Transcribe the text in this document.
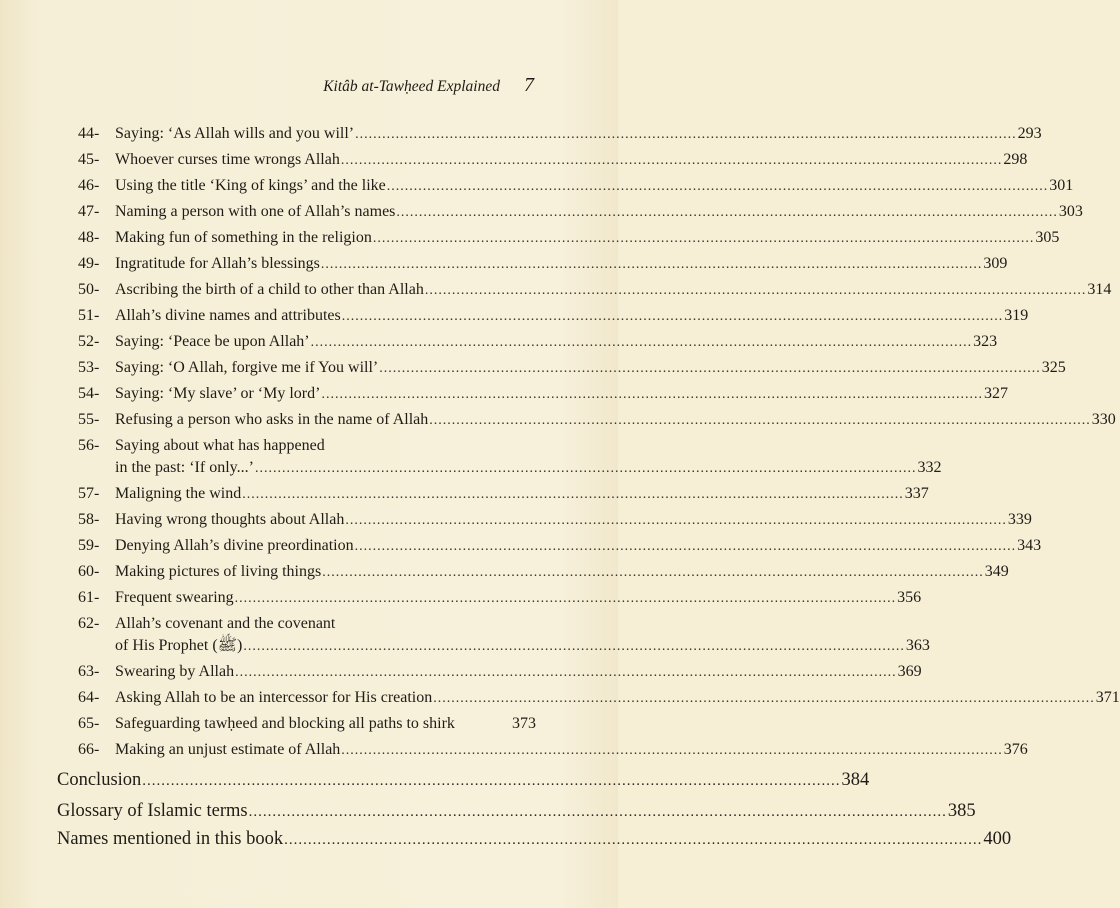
Kitâb at-Tawḥeed Explained 7
44- Saying: ‘As Allah wills and you will’ ................................................................................................................................................... 293
45- Whoever curses time wrongs Allah ................................................................................................................................................... 298
46- Using the title ‘King of kings’ and the like ................................................................................................................................................... 301
47- Naming a person with one of Allah’s names ................................................................................................................................................... 303
48- Making fun of something in the religion ................................................................................................................................................... 305
49- Ingratitude for Allah’s blessings ................................................................................................................................................... 309
50- Ascribing the birth of a child to other than Allah ................................................................................................................................................... 314
51- Allah’s divine names and attributes ................................................................................................................................................... 319
52- Saying: ‘Peace be upon Allah’ ................................................................................................................................................... 323
53- Saying: ‘O Allah, forgive me if You will’ ................................................................................................................................................... 325
54- Saying: ‘My slave’ or ‘My lord’ ................................................................................................................................................... 327
55- Refusing a person who asks in the name of Allah ................................................................................................................................................... 330
Saying about what has happened
56-
in the past: ‘If only...’ ................................................................................................................................................... 332
57- Maligning the wind ................................................................................................................................................... 337
58- Having wrong thoughts about Allah ................................................................................................................................................... 339
59- Denying Allah’s divine preordination ................................................................................................................................................... 343
60- Making pictures of living things ................................................................................................................................................... 349
61- Frequent swearing ................................................................................................................................................... 356
Allah’s covenant and the covenant
62-
of His Prophet (ﷺ) ................................................................................................................................................... 363
63- Swearing by Allah ................................................................................................................................................... 369
64- Asking Allah to be an intercessor for His creation ................................................................................................................................................... 371
65- Safeguarding tawḥeed and blocking all paths to shirk	373
66- Making an unjust estimate of Allah ................................................................................................................................................... 376
Conclusion ................................................................................................................................................... 384
Glossary of Islamic terms ................................................................................................................................................... 385
Names mentioned in this book ................................................................................................................................................... 400
